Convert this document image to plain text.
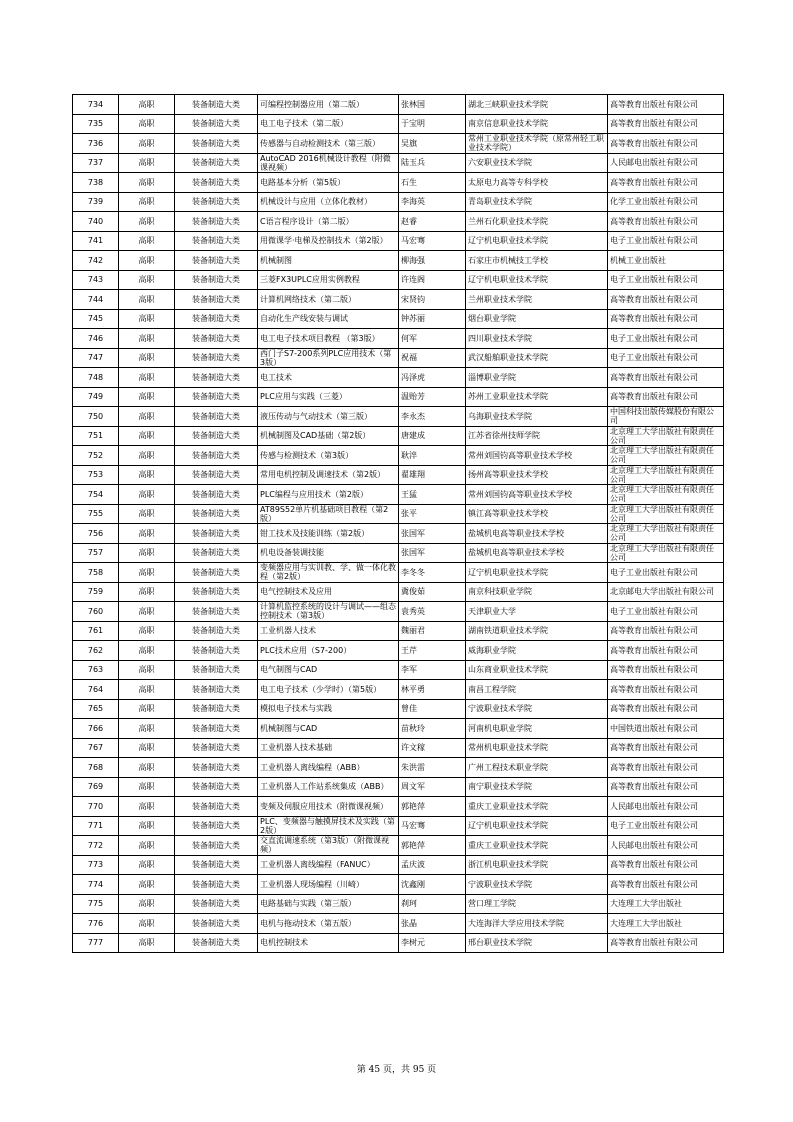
734	高职	装备制造大类	可编程控制器应用（第二版）	张林国	湖北三峡职业技术学院	高等教育出版社有限公司

735	高职	装备制造大类	电工电子技术（第二版）	于宝明	南京信息职业技术学院	高等教育出版社有限公司

736	高职	装备制造大类	传感器与自动检测技术（第三版）	吴旗	常州工业职业技术学院（原常州轻工职业技术学院）	高等教育出版社有限公司

737	高职	装备制造大类	AutoCAD 2016机械设计教程（附微课视频）	陆玉兵	六安职业技术学院	人民邮电出版社有限公司

738	高职	装备制造大类	电路基本分析（第5版）	石生	太原电力高等专科学校	高等教育出版社有限公司

739	高职	装备制造大类	机械设计与应用（立体化教材）	李海英	青岛职业技术学院	化学工业出版社有限公司

740	高职	装备制造大类	C语言程序设计（第二版）	赵睿	兰州石化职业技术学院	高等教育出版社有限公司

741	高职	装备制造大类	用微课学·电梯及控制技术（第2版）	马宏骞	辽宁机电职业技术学院	电子工业出版社有限公司

742	高职	装备制造大类	机械制图	柳海强	石家庄市机械技工学校	机械工业出版社

743	高职	装备制造大类	三菱FX3UPLC应用实例教程	许连阁	辽宁机电职业技术学院	电子工业出版社有限公司

744	高职	装备制造大类	计算机网络技术（第二版）	宋贤钧	兰州职业技术学院	高等教育出版社有限公司

745	高职	装备制造大类	自动化生产线安装与调试	钟苏丽	烟台职业学院	高等教育出版社有限公司

746	高职	装备制造大类	电工电子技术项目教程 （第3版）	何军	四川职业技术学院	电子工业出版社有限公司

747	高职	装备制造大类	西门子S7-200系列PLC应用技术（第3版）	祝福	武汉船舶职业技术学院	电子工业出版社有限公司

748	高职	装备制造大类	电工技术	冯泽虎	淄博职业学院	高等教育出版社有限公司

749	高职	装备制造大类	PLC应用与实践（三菱）	温贻芳	苏州工业职业技术学院	高等教育出版社有限公司

750	高职	装备制造大类	液压传动与气动技术（第三版）	李永杰	乌海职业技术学院	中国科技出版传媒股份有限公司

751	高职	装备制造大类	机械制图及CAD基础（第2版）	唐建成	江苏省徐州技师学院	北京理工大学出版社有限责任公司

752	高职	装备制造大类	传感与检测技术（第3版）	耿淬	常州刘国钧高等职业技术学校	北京理工大学出版社有限责任公司

753	高职	装备制造大类	常用电机控制及调速技术（第2版）	翟雄翔	扬州高等职业技术学校	北京理工大学出版社有限责任公司

754	高职	装备制造大类	PLC编程与应用技术（第2版）	王猛	常州刘国钧高等职业技术学校	北京理工大学出版社有限责任公司

755	高职	装备制造大类	AT89S52单片机基础项目教程（第2版）	张平	镇江高等职业技术学校	北京理工大学出版社有限责任公司

756	高职	装备制造大类	钳工技术及技能训练（第2版）	张国军	盐城机电高等职业技术学校	北京理工大学出版社有限责任公司

757	高职	装备制造大类	机电设备装调技能	张国军	盐城机电高等职业技术学校	北京理工大学出版社有限责任公司

758	高职	装备制造大类	变频器应用与实训教、学、做一体化教程（第2版）	李冬冬	辽宁机电职业技术学院	电子工业出版社有限公司

759	高职	装备制造大类	电气控制技术及应用	冀俊茹	南京科技职业学院	北京邮电大学出版社有限公司

760	高职	装备制造大类	计算机监控系统的设计与调试——组态控制技术（第3版）	袁秀英	天津职业大学	电子工业出版社有限公司

761	高职	装备制造大类	工业机器人技术	魏丽君	湖南铁道职业技术学院	高等教育出版社有限公司

762	高职	装备制造大类	PLC技术应用（S7-200）	王芹	威海职业学院	高等教育出版社有限公司

763	高职	装备制造大类	电气制图与CAD	李军	山东商业职业技术学院	高等教育出版社有限公司

764	高职	装备制造大类	电工电子技术（少学时）（第5版）	林平勇	南昌工程学院	高等教育出版社有限公司

765	高职	装备制造大类	模拟电子技术与实践	曾佳	宁波职业技术学院	高等教育出版社有限公司

766	高职	装备制造大类	机械制图与CAD	苗秋玲	河南机电职业学院	中国铁道出版社有限公司

767	高职	装备制造大类	工业机器人技术基础	许文稼	常州机电职业技术学院	高等教育出版社有限公司

768	高职	装备制造大类	工业机器人离线编程（ABB）	朱洪雷	广州工程技术职业学院	高等教育出版社有限公司

769	高职	装备制造大类	工业机器人工作站系统集成（ABB）	周文军	南宁职业技术学院	高等教育出版社有限公司

770	高职	装备制造大类	变频及伺服应用技术（附微课视频）	郭艳萍	重庆工业职业技术学院	人民邮电出版社有限公司

771	高职	装备制造大类	PLC、变频器与触摸屏技术及实践（第2版）	马宏骞	辽宁机电职业技术学院	电子工业出版社有限公司

772	高职	装备制造大类	交直流调速系统（第3版）（附微课视频）	郭艳萍	重庆工业职业技术学院	人民邮电出版社有限公司

773	高职	装备制造大类	工业机器人离线编程（FANUC）	孟庆波	浙江机电职业技术学院	高等教育出版社有限公司

774	高职	装备制造大类	工业机器人现场编程（川崎）	沈鑫刚	宁波职业技术学院	高等教育出版社有限公司

775	高职	装备制造大类	电路基础与实践（第三版）	刹珂	营口理工学院	大连理工大学出版社

776	高职	装备制造大类	电机与拖动技术（第五版）	张晶	大连海洋大学应用技术学院	大连理工大学出版社

777	高职	装备制造大类	电机控制技术	李树元	邢台职业技术学院	高等教育出版社有限公司
第 45 页，共 95 页
